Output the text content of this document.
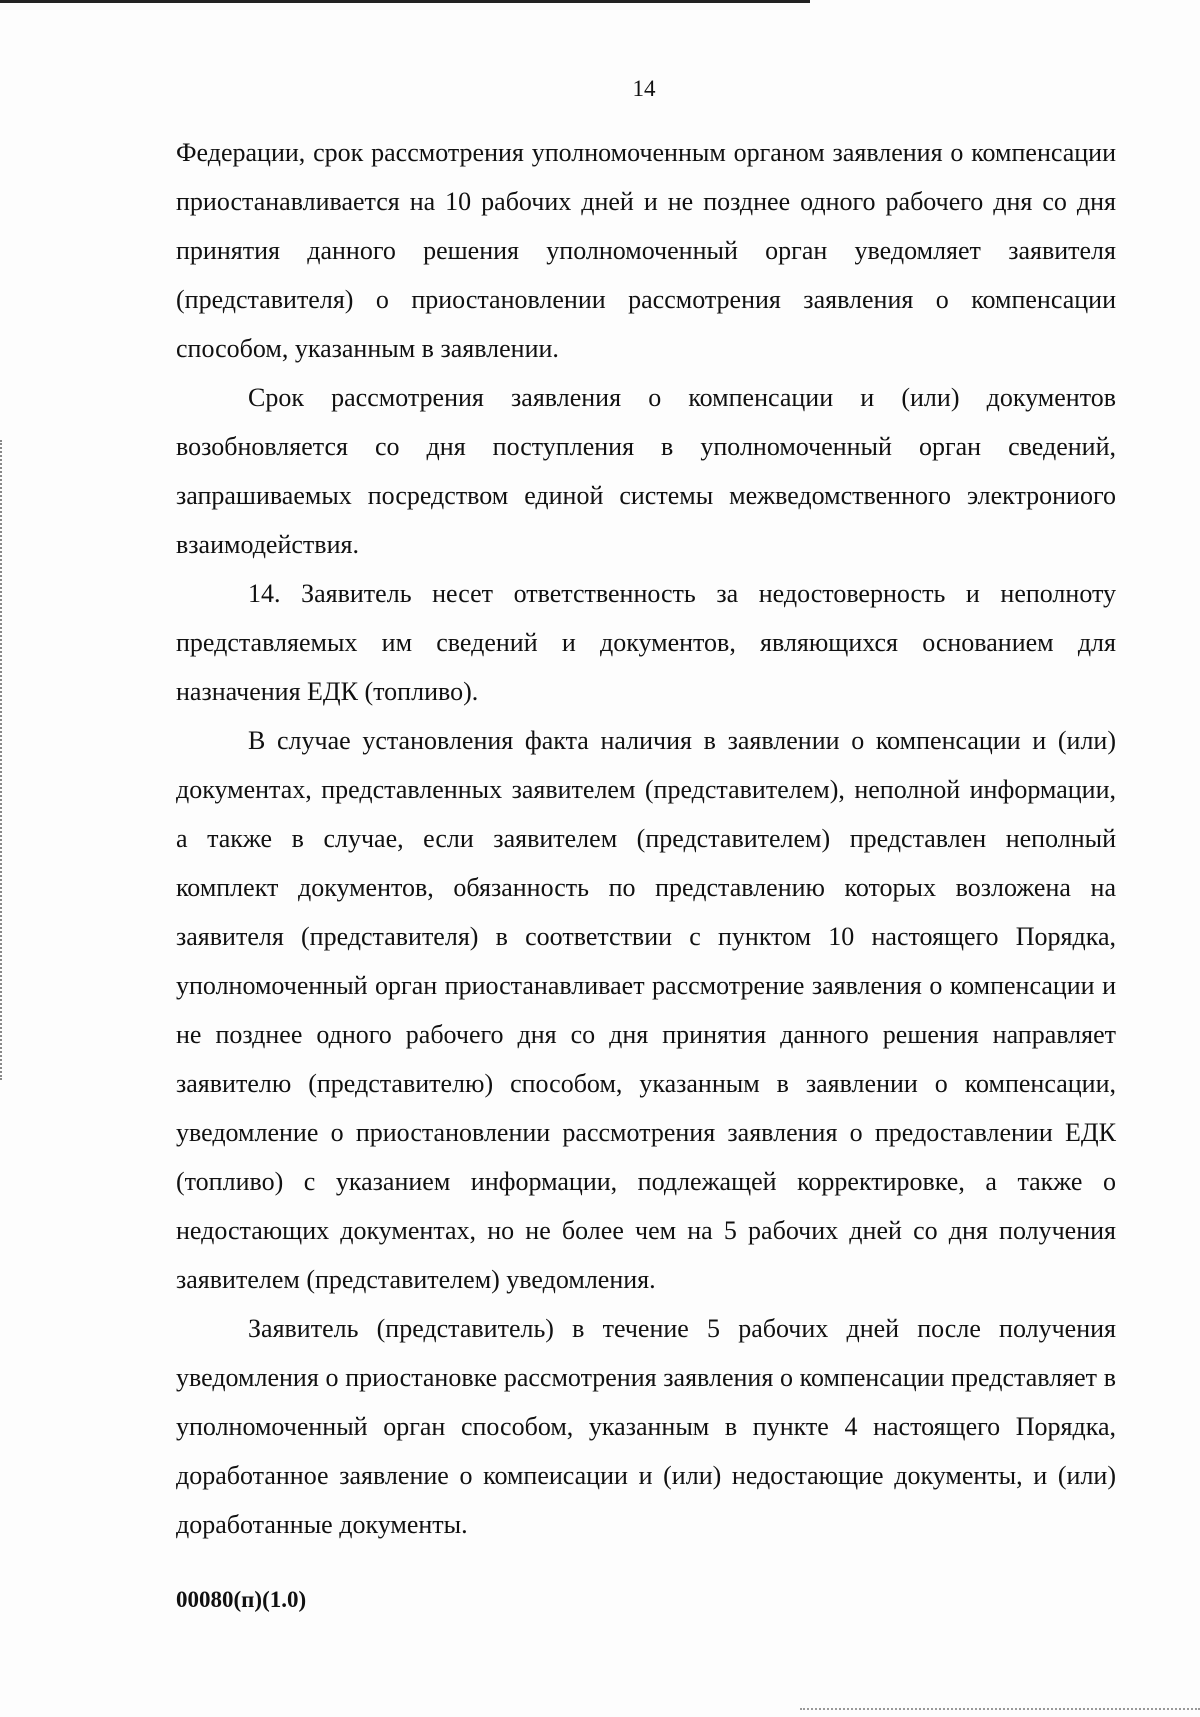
14

Федерации, срок рассмотрения уполномоченным органом заявления о компенсации приостанавливается на 10 рабочих дней и не позднее одного рабочего дня со дня принятия данного решения уполномоченный орган уведомляет заявителя (представителя) о приостановлении рассмотрения заявления о компенсации способом, указанным в заявлении.

Срок рассмотрения заявления о компенсации и (или) документов возобновляется со дня поступления в уполномоченный орган сведений, запрашиваемых посредством единой системы межведомственного электрониого взаимодействия.

14. Заявитель несет ответственность за недостоверность и неполноту представляемых им сведений и документов, являющихся основанием для назначения ЕДК (топливо).

В случае установления факта наличия в заявлении о компенсации и (или) документах, представленных заявителем (представителем), неполной информации, а также в случае, если заявителем (представителем) представлен неполный комплект документов, обязанность по представлению которых возложена на заявителя (представителя) в соответствии с пунктом 10 настоящего Порядка, уполномоченный орган приостанавливает рассмотрение заявления о компенсации и не позднее одного рабочего дня со дня принятия данного решения направляет заявителю (представителю) способом, указанным в заявлении о компенсации, уведомление о приостановлении рассмотрения заявления о предоставлении ЕДК (топливо) с указанием информации, подлежащей корректировке, а также о недостающих документах, но не более чем на 5 рабочих дней со дня получения заявителем (представителем) уведомления.

Заявитель (представитель) в течение 5 рабочих дней после получения уведомления о приостановке рассмотрения заявления о компенсации представляет в уполномоченный орган способом, указанным в пункте 4 настоящего Порядка, доработанное заявление о компеисации и (или) недостающие документы, и (или) доработанные документы.

00080(п)(1.0)
